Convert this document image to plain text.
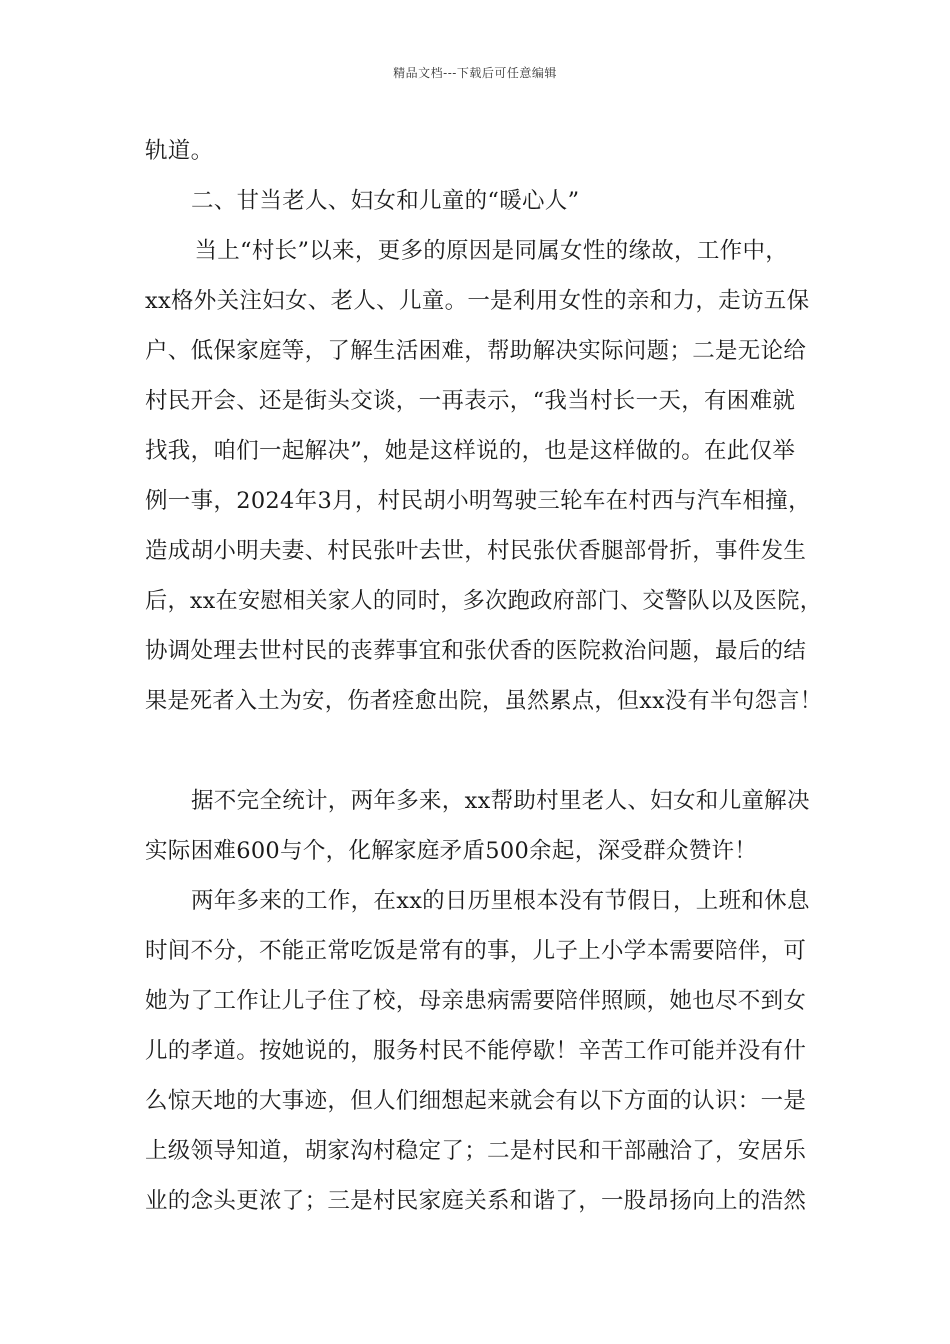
精品文档---下载后可任意编辑
轨道。
二、甘当老人、妇女和儿童的“暖心人”
当上“村长”以来，更多的原因是同属女性的缘故，工作中，
xx格外关注妇女、老人、儿童。一是利用女性的亲和力，走访五保
户、低保家庭等，了解生活困难，帮助解决实际问题；二是无论给
村民开会、还是街头交谈，一再表示，“我当村长一天，有困难就
找我，咱们一起解决”，她是这样说的，也是这样做的。在此仅举
例一事，2024年3月，村民胡小明驾驶三轮车在村西与汽车相撞，
造成胡小明夫妻、村民张叶去世，村民张伏香腿部骨折，事件发生
后，xx在安慰相关家人的同时，多次跑政府部门、交警队以及医院，
协调处理去世村民的丧葬事宜和张伏香的医院救治问题，最后的结
果是死者入土为安，伤者痊愈出院，虽然累点，但xx没有半句怨言！
据不完全统计，两年多来，xx帮助村里老人、妇女和儿童解决
实际困难600与个，化解家庭矛盾500余起，深受群众赞许！
两年多来的工作，在xx的日历里根本没有节假日，上班和休息
时间不分，不能正常吃饭是常有的事，儿子上小学本需要陪伴，可
她为了工作让儿子住了校，母亲患病需要陪伴照顾，她也尽不到女
儿的孝道。按她说的，服务村民不能停歇！辛苦工作可能并没有什
么惊天地的大事迹，但人们细想起来就会有以下方面的认识：一是
上级领导知道，胡家沟村稳定了；二是村民和干部融洽了，安居乐
业的念头更浓了；三是村民家庭关系和谐了，一股昂扬向上的浩然
